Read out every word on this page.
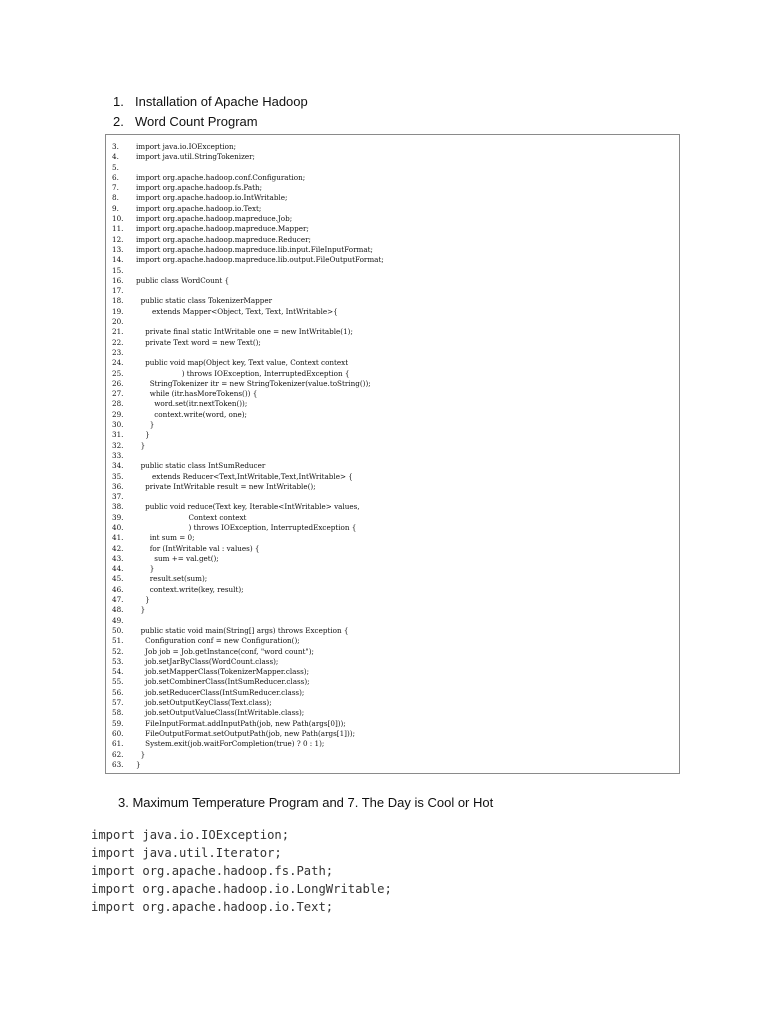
1. Installation of Apache Hadoop
2. Word Count Program
3. import java.io.IOException;
4. import java.util.StringTokenizer;
5.
6. import org.apache.hadoop.conf.Configuration;
7. import org.apache.hadoop.fs.Path;
8. import org.apache.hadoop.io.IntWritable;
9. import org.apache.hadoop.io.Text;
10. import org.apache.hadoop.mapreduce.Job;
11. import org.apache.hadoop.mapreduce.Mapper;
12. import org.apache.hadoop.mapreduce.Reducer;
13. import org.apache.hadoop.mapreduce.lib.input.FileInputFormat;
14. import org.apache.hadoop.mapreduce.lib.output.FileOutputFormat;
15.
16. public class WordCount {
17.
18.  public static class TokenizerMapper
19.       extends Mapper<Object, Text, Text, IntWritable>{
20.
21.    private final static IntWritable one = new IntWritable(1);
22.    private Text word = new Text();
23.
24.    public void map(Object key, Text value, Context context
25.                    ) throws IOException, InterruptedException {
26.      StringTokenizer itr = new StringTokenizer(value.toString());
27.      while (itr.hasMoreTokens()) {
28.        word.set(itr.nextToken());
29.        context.write(word, one);
30.      }
31.    }
32.  }
33.
34.  public static class IntSumReducer
35.       extends Reducer<Text,IntWritable,Text,IntWritable> {
36.    private IntWritable result = new IntWritable();
37.
38.    public void reduce(Text key, Iterable<IntWritable> values,
39.                       Context context
40.                       ) throws IOException, InterruptedException {
41.      int sum = 0;
42.      for (IntWritable val : values) {
43.        sum += val.get();
44.      }
45.      result.set(sum);
46.      context.write(key, result);
47.    }
48.  }
49.
50.  public static void main(String[] args) throws Exception {
51.    Configuration conf = new Configuration();
52.    Job job = Job.getInstance(conf, "word count");
53.    job.setJarByClass(WordCount.class);
54.    job.setMapperClass(TokenizerMapper.class);
55.    job.setCombinerClass(IntSumReducer.class);
56.    job.setReducerClass(IntSumReducer.class);
57.    job.setOutputKeyClass(Text.class);
58.    job.setOutputValueClass(IntWritable.class);
59.    FileInputFormat.addInputPath(job, new Path(args[0]));
60.    FileOutputFormat.setOutputPath(job, new Path(args[1]));
61.    System.exit(job.waitForCompletion(true) ? 0 : 1);
62.  }
63. }
3. Maximum Temperature Program and 7. The Day is Cool or Hot
import java.io.IOException;
import java.util.Iterator;
import org.apache.hadoop.fs.Path;
import org.apache.hadoop.io.LongWritable;
import org.apache.hadoop.io.Text;
